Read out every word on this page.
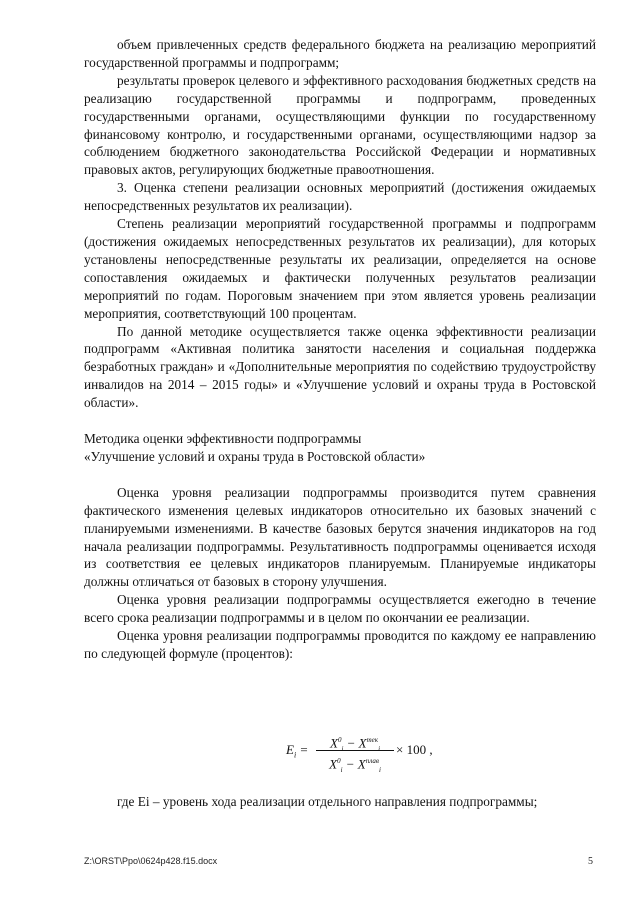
объем привлеченных средств федерального бюджета на реализацию мероприятий государственной программы и подпрограмм;

результаты проверок целевого и эффективного расходования бюджетных средств на реализацию государственной программы и подпрограмм, проведенных государственными органами, осуществляющими функции по государственному финансовому контролю, и государственными органами, осуществляющими надзор за соблюдением бюджетного законодательства Российской Федерации и нормативных правовых актов, регулирующих бюджетные правоотношения.

3. Оценка степени реализации основных мероприятий (достижения ожидаемых непосредственных результатов их реализации).

Степень реализации мероприятий государственной программы и подпрограмм (достижения ожидаемых непосредственных результатов их реализации), для которых установлены непосредственные результаты их реализации, определяется на основе сопоставления ожидаемых и фактически полученных результатов реализации мероприятий по годам. Пороговым значением при этом является уровень реализации мероприятия, соответствующий 100 процентам.

По данной методике осуществляется также оценка эффективности реализации подпрограмм «Активная политика занятости населения и социальная поддержка безработных граждан» и «Дополнительные мероприятия по содействию трудоустройству инвалидов на 2014 – 2015 годы» и «Улучшение условий и охраны труда в Ростовской области».

Методика оценки эффективности подпрограммы

«Улучшение условий и охраны труда в Ростовской области»

Оценка уровня реализации подпрограммы производится путем сравнения фактического изменения целевых индикаторов относительно их базовых значений с планируемыми изменениями. В качестве базовых берутся значения индикаторов на год начала реализации подпрограммы. Результативность подпрограммы оценивается исходя из соответствия ее целевых индикаторов планируемым. Планируемые индикаторы должны отличаться от базовых в сторону улучшения.

Оценка уровня реализации подпрограммы осуществляется ежегодно в течение всего срока реализации подпрограммы и в целом по окончании ее реализации.

Оценка уровня реализации подпрограммы проводится по каждому ее направлению по следующей формуле (процентов):

$E_i$ =	$X^0_i - X^{тек}_i$
$X^0_i - X^{плав}_i$
× 100 ,

где Ei – уровень хода реализации отдельного направления подпрограммы;

Z:\ORST\Ppo\0624p428.f15.docx	5
